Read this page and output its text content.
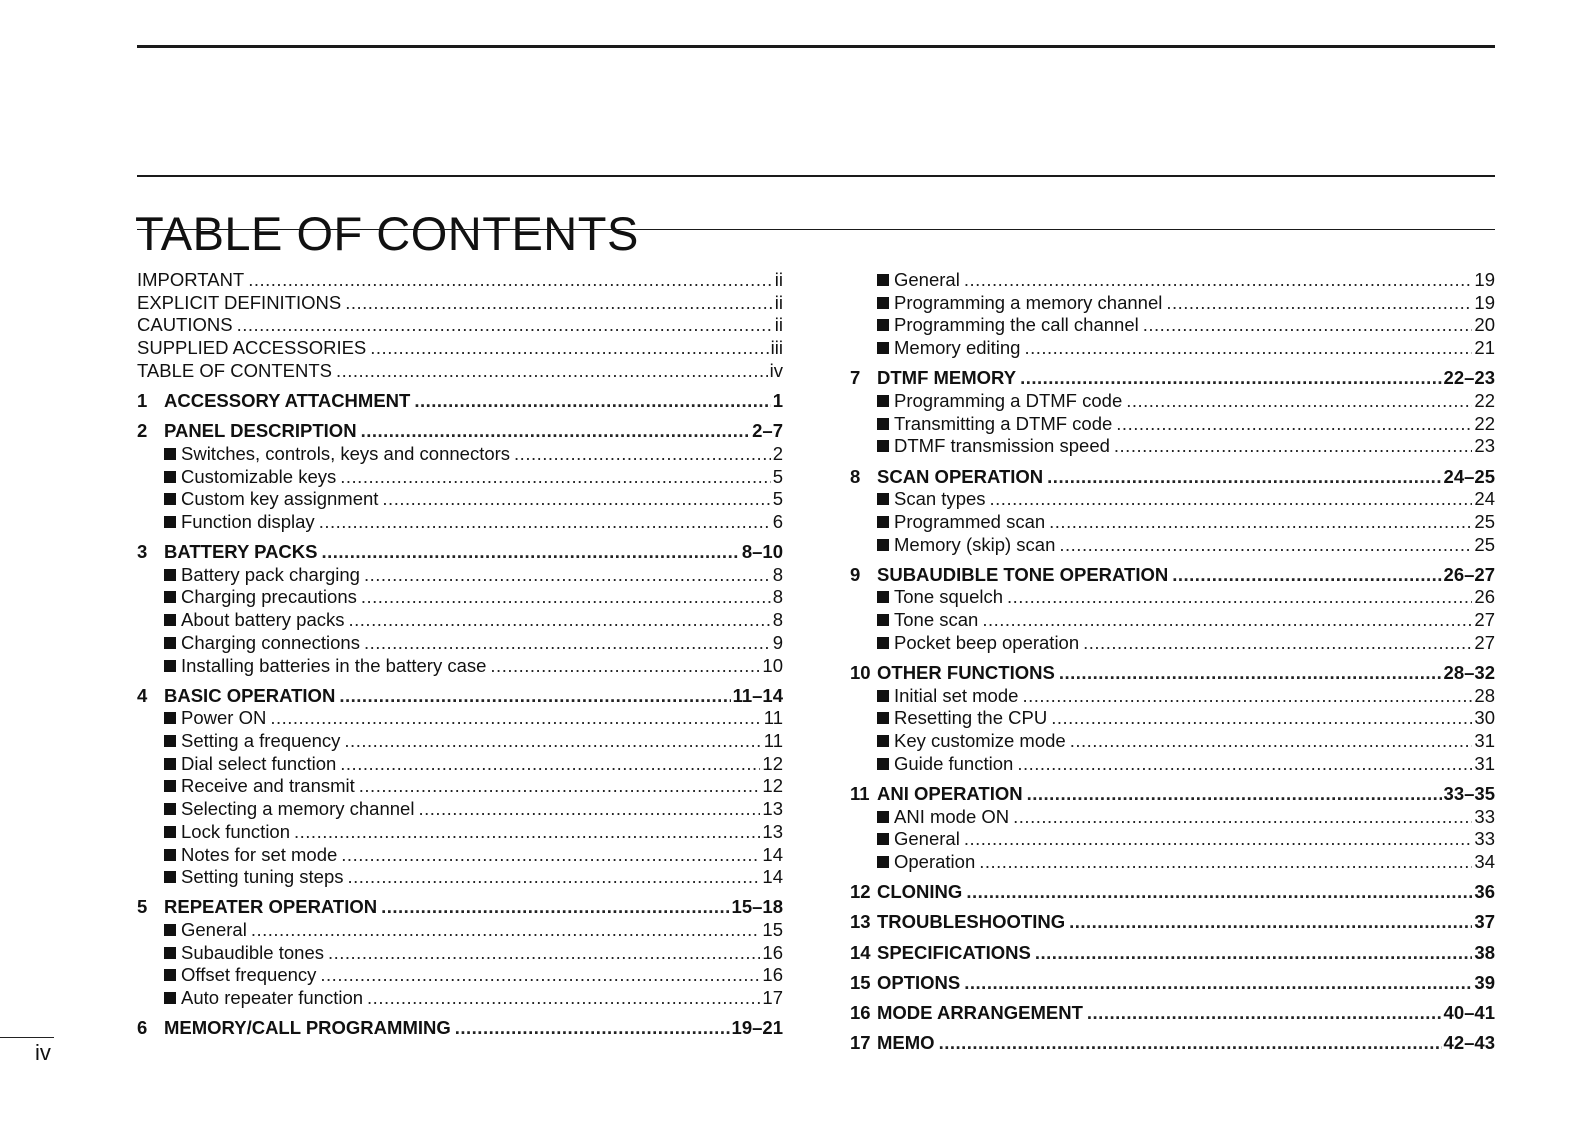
TABLE OF CONTENTS
IMPORTANT .....	ii
EXPLICIT DEFINITIONS .....	ii
CAUTIONS .....	ii
SUPPLIED ACCESSORIES .....	iii
TABLE OF CONTENTS .....	iv
1 ACCESSORY ATTACHMENT .....	1
2 PANEL DESCRIPTION .....	2–7
Switches, controls, keys and connectors .....	2
Customizable keys .....	5
Custom key assignment .....	5
Function display .....	6
3 BATTERY PACKS .....	8–10
Battery pack charging .....	8
Charging precautions .....	8
About battery packs .....	8
Charging connections .....	9
Installing batteries in the battery case .....	10
4 BASIC OPERATION .....	11–14
Power ON .....	11
Setting a frequency .....	11
Dial select function .....	12
Receive and transmit .....	12
Selecting a memory channel .....	13
Lock function .....	13
Notes for set mode .....	14
Setting tuning steps .....	14
5 REPEATER OPERATION .....	15–18
General .....	15
Subaudible tones .....	16
Offset frequency .....	16
Auto repeater function .....	17
6 MEMORY/CALL PROGRAMMING .....	19–21
General .....	19
Programming a memory channel .....	19
Programming the call channel .....	20
Memory editing .....	21
7 DTMF MEMORY .....	22–23
Programming a DTMF code .....	22
Transmitting a DTMF code .....	22
DTMF transmission speed .....	23
8 SCAN OPERATION .....	24–25
Scan types .....	24
Programmed scan .....	25
Memory (skip) scan .....	25
9 SUBAUDIBLE TONE OPERATION .....	26–27
Tone squelch .....	26
Tone scan .....	27
Pocket beep operation .....	27
10 OTHER FUNCTIONS .....	28–32
Initial set mode .....	28
Resetting the CPU .....	30
Key customize mode .....	31
Guide function .....	31
11 ANI OPERATION .....	33–35
ANI mode ON .....	33
General .....	33
Operation .....	34
12 CLONING .....	36
13 TROUBLESHOOTING .....	37
14 SPECIFICATIONS .....	38
15 OPTIONS .....	39
16 MODE ARRANGEMENT .....	40–41
17 MEMO .....	42–43
iv
